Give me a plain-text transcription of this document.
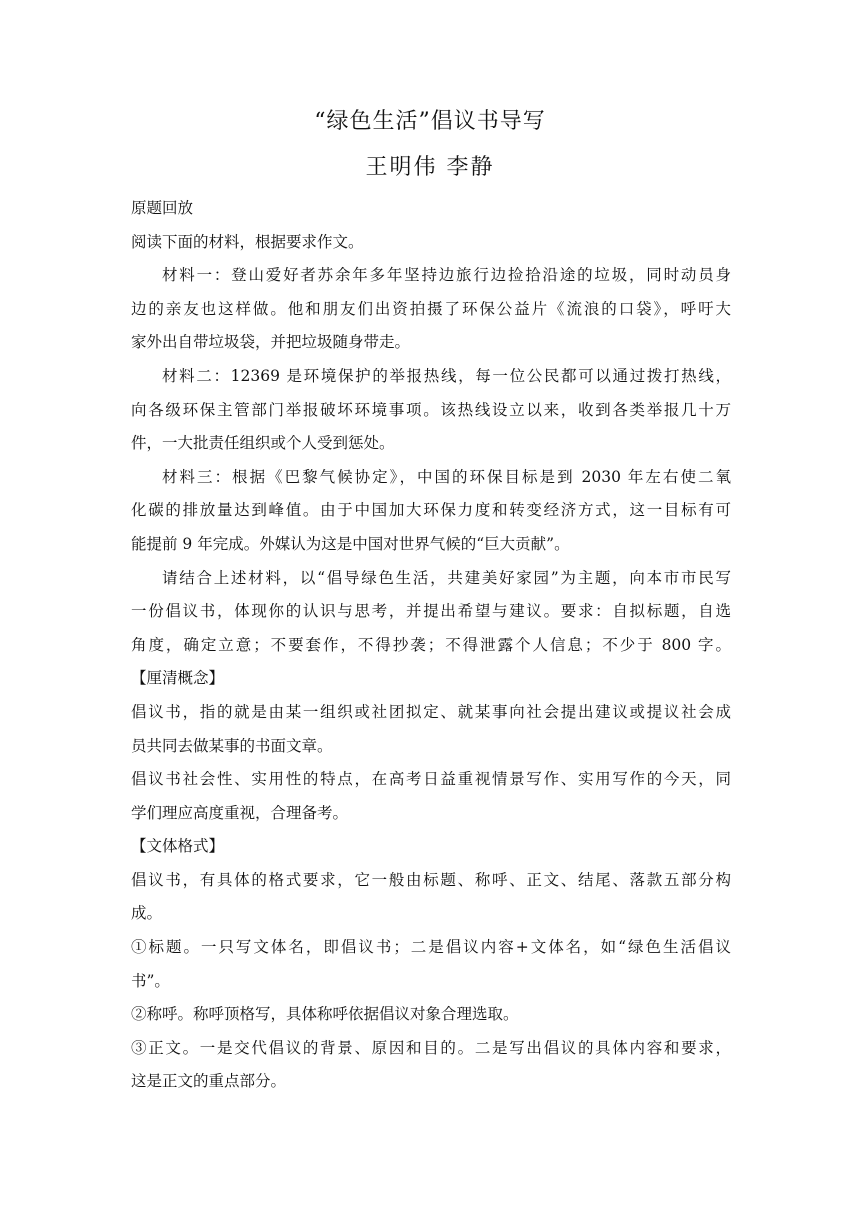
“绿色生活”倡议书导写
王明伟 李静
原题回放
阅读下面的材料，根据要求作文。
材料一：登山爱好者苏余年多年坚持边旅行边捡拾沿途的垃圾，同时动员身
边的亲友也这样做。他和朋友们出资拍摄了环保公益片《流浪的口袋》，呼吁大
家外出自带垃圾袋，并把垃圾随身带走。
材料二：12369 是环境保护的举报热线，每一位公民都可以通过拨打热线，
向各级环保主管部门举报破坏环境事项。该热线设立以来，收到各类举报几十万
件，一大批责任组织或个人受到惩处。
材料三：根据《巴黎气候协定》，中国的环保目标是到 2030 年左右使二氧
化碳的排放量达到峰值。由于中国加大环保力度和转变经济方式，这一目标有可
能提前 9 年完成。外媒认为这是中国对世界气候的“巨大贡献”。
请结合上述材料，以“倡导绿色生活，共建美好家园”为主题，向本市市民写
一份倡议书，体现你的认识与思考，并提出希望与建议。要求：自拟标题，自选
角度，确定立意；不要套作，不得抄袭；不得泄露个人信息；不少于 800 字。
【厘清概念】
倡议书，指的就是由某一组织或社团拟定、就某事向社会提出建议或提议社会成
员共同去做某事的书面文章。
倡议书社会性、实用性的特点，在高考日益重视情景写作、实用写作的今天，同
学们理应高度重视，合理备考。
【文体格式】
倡议书，有具体的格式要求，它一般由标题、称呼、正文、结尾、落款五部分构
成。
①标题。一只写文体名，即倡议书；二是倡议内容+文体名，如“绿色生活倡议
书”。
②称呼。称呼顶格写，具体称呼依据倡议对象合理选取。
③正文。一是交代倡议的背景、原因和目的。二是写出倡议的具体内容和要求，
这是正文的重点部分。
